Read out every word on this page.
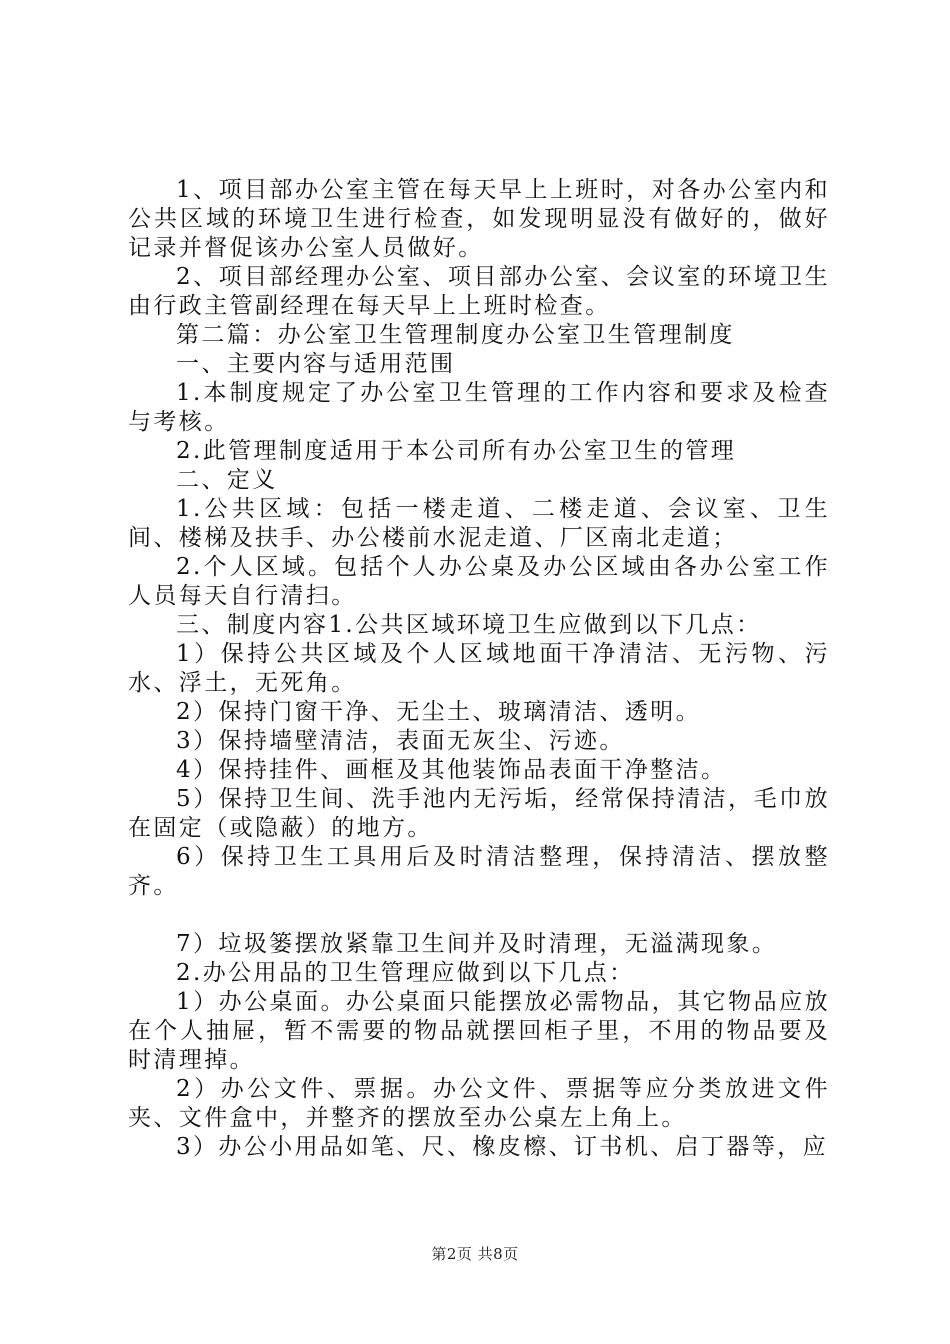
1、项目部办公室主管在每天早上上班时，对各办公室内和公共区域的环境卫生进行检查，如发现明显没有做好的，做好记录并督促该办公室人员做好。

2、项目部经理办公室、项目部办公室、会议室的环境卫生由行政主管副经理在每天早上上班时检查。

第二篇：办公室卫生管理制度办公室卫生管理制度

一、主要内容与适用范围

1.本制度规定了办公室卫生管理的工作内容和要求及检查与考核。

2.此管理制度适用于本公司所有办公室卫生的管理

二、定义

1.公共区域：包括一楼走道、二楼走道、会议室、卫生间、楼梯及扶手、办公楼前水泥走道、厂区南北走道；

2.个人区域。包括个人办公桌及办公区域由各办公室工作人员每天自行清扫。

三、制度内容1.公共区域环境卫生应做到以下几点：

1）保持公共区域及个人区域地面干净清洁、无污物、污水、浮土，无死角。

2）保持门窗干净、无尘土、玻璃清洁、透明。

3）保持墙壁清洁，表面无灰尘、污迹。

4）保持挂件、画框及其他装饰品表面干净整洁。

5）保持卫生间、洗手池内无污垢，经常保持清洁，毛巾放在固定（或隐蔽）的地方。

6）保持卫生工具用后及时清洁整理，保持清洁、摆放整齐。

7）垃圾篓摆放紧靠卫生间并及时清理，无溢满现象。

2.办公用品的卫生管理应做到以下几点：

1）办公桌面。办公桌面只能摆放必需物品，其它物品应放在个人抽屉，暂不需要的物品就摆回柜子里，不用的物品要及时清理掉。

2）办公文件、票据。办公文件、票据等应分类放进文件夹、文件盒中，并整齐的摆放至办公桌左上角上。

3）办公小用品如笔、尺、橡皮檫、订书机、启丁器等，应

第2页 共8页
